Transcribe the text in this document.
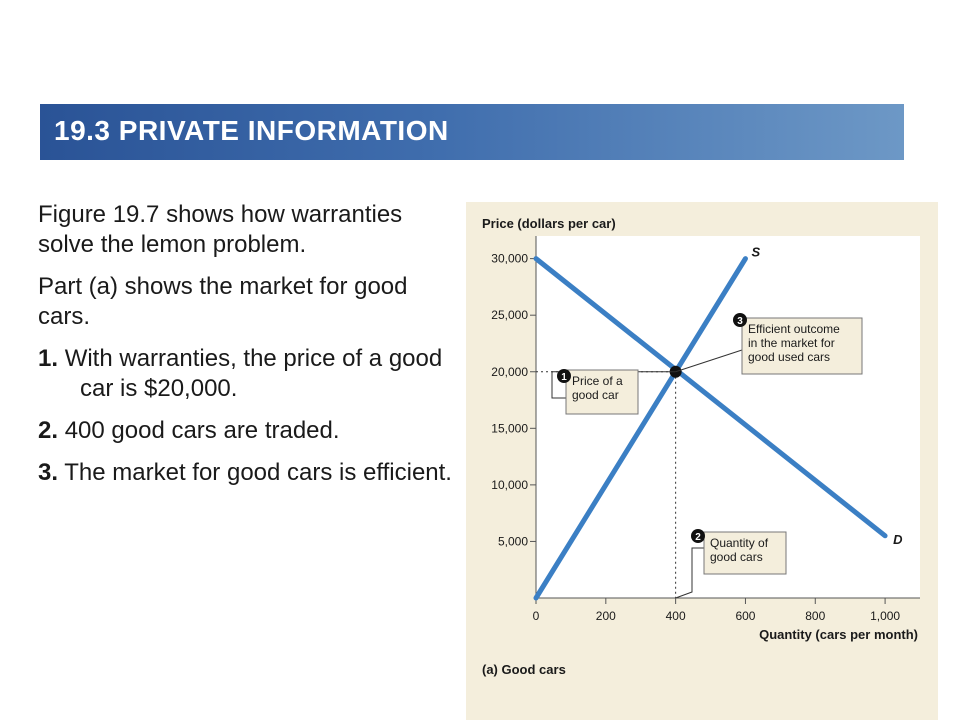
19.3 PRIVATE INFORMATION

Figure 19.7 shows how warranties solve the lemon problem.

Part (a) shows the market for good cars.

1. With warranties, the price of a good car is $20,000.

2. 400 good cars are traded.

3. The market for good cars is efficient.

Price (dollars per car)
Quantity (cars per month)
(a) Good cars
5,000
10,000
15,000
20,000
25,000
30,000
0	200	400	600	800	1,000
S
D
1 Price of a
good car
2 Quantity of
good cars
3
Efficient outcome
in the market for
good used cars
